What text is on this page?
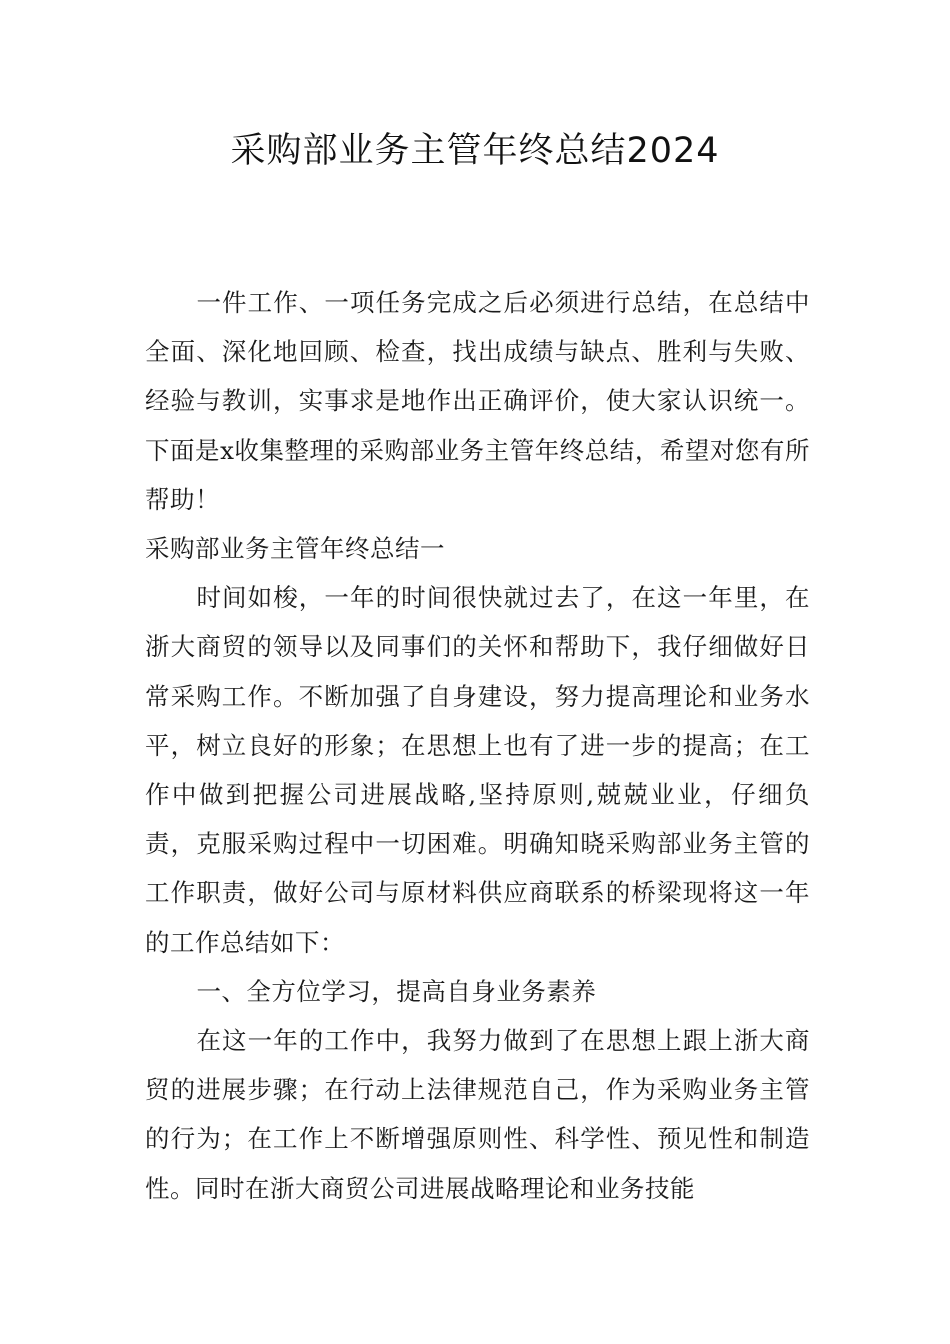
采购部业务主管年终总结2024

一件工作、一项任务完成之后必须进行总结，在总结中全面、深化地回顾、检查，找出成绩与缺点、胜利与失败、经验与教训，实事求是地作出正确评价，使大家认识统一。下面是x收集整理的采购部业务主管年终总结，希望对您有所帮助！

采购部业务主管年终总结一

时间如梭，一年的时间很快就过去了，在这一年里，在浙大商贸的领导以及同事们的关怀和帮助下，我仔细做好日常采购工作。不断加强了自身建设，努力提高理论和业务水平，树立良好的形象；在思想上也有了进一步的提高；在工作中做到把握公司进展战略,坚持原则,兢兢业业，仔细负责，克服采购过程中一切困难。明确知晓采购部业务主管的工作职责，做好公司与原材料供应商联系的桥梁现将这一年的工作总结如下：

一、全方位学习，提高自身业务素养

在这一年的工作中，我努力做到了在思想上跟上浙大商贸的进展步骤；在行动上法律规范自己，作为采购业务主管的行为；在工作上不断增强原则性、科学性、预见性和制造性。同时在浙大商贸公司进展战略理论和业务技能
